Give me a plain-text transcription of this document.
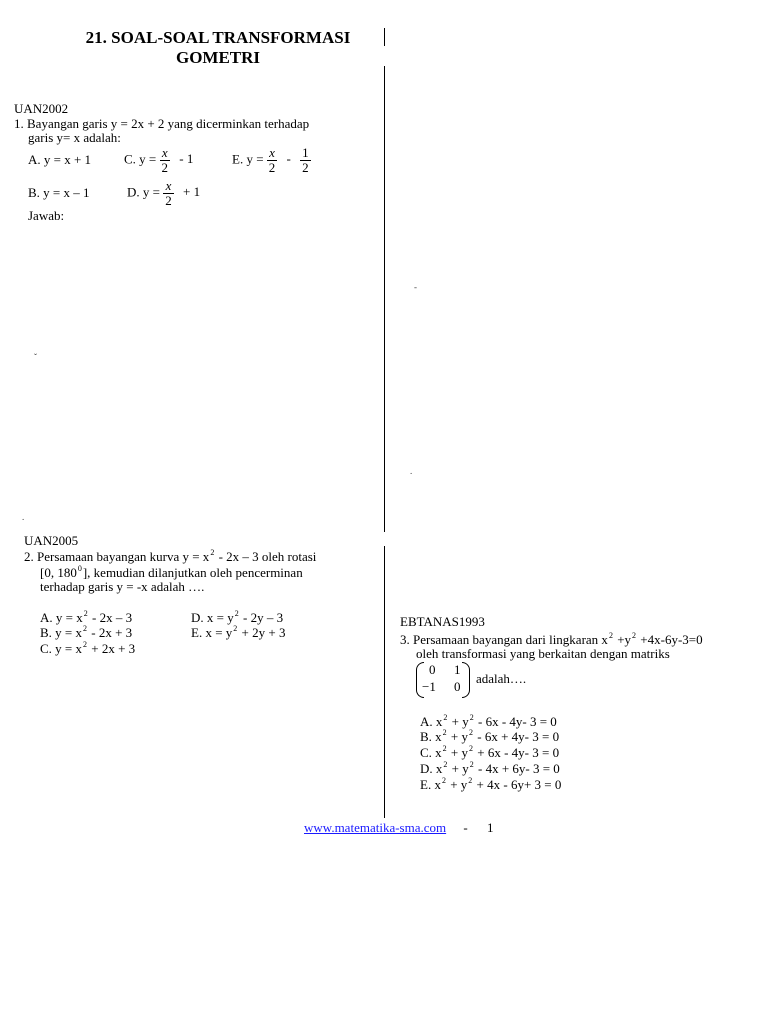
21. SOAL-SOAL TRANSFORMASI
GOMETRI
UAN2002
1. Bayangan garis y = 2x + 2 yang dicerminkan terhadap
garis y= x adalah:
A. y = x + 1	C. $y = \frac{x}{2} - 1$	E. $y = \frac{x}{2} - \frac{1}{2}$
B. y = x – 1	D. $y = \frac{x}{2} + 1$
Jawab:
ˇ
.
-
.
UAN2005
2. Persamaan bayangan kurva $y = x^2 - 2x - 3$ oleh rotasi
[0, $180^0$], kemudian dilanjutkan oleh pencerminan
terhadap garis y = -x adalah ….
A. $y = x^2 - 2x - 3$
B. $y = x^2 - 2x + 3$
C. $y = x^2 + 2x + 3$
D. $x = y^2 - 2y - 3$
E. $x = y^2 + 2y + 3$
EBTANAS1993
3. Persamaan bayangan dari lingkaran $x^2 +y^2 +4x-6y-3=0$
oleh transformasi yang berkaitan dengan matriks
0 1
−1 0
adalah….
A. $x^2 + y^2 - 6x - 4y-$ 3 = 0
B. $x^2 + y^2 - 6x + 4y-$ 3 = 0
C. $x^2 + y^2 + 6x - 4y-$ 3 = 0
D. $x^2 + y^2 - 4x + 6y-$ 3 = 0
E. $x^2 + y^2 + 4x - 6y+ 3 = 0$
www.matematika-sma.com - 1
